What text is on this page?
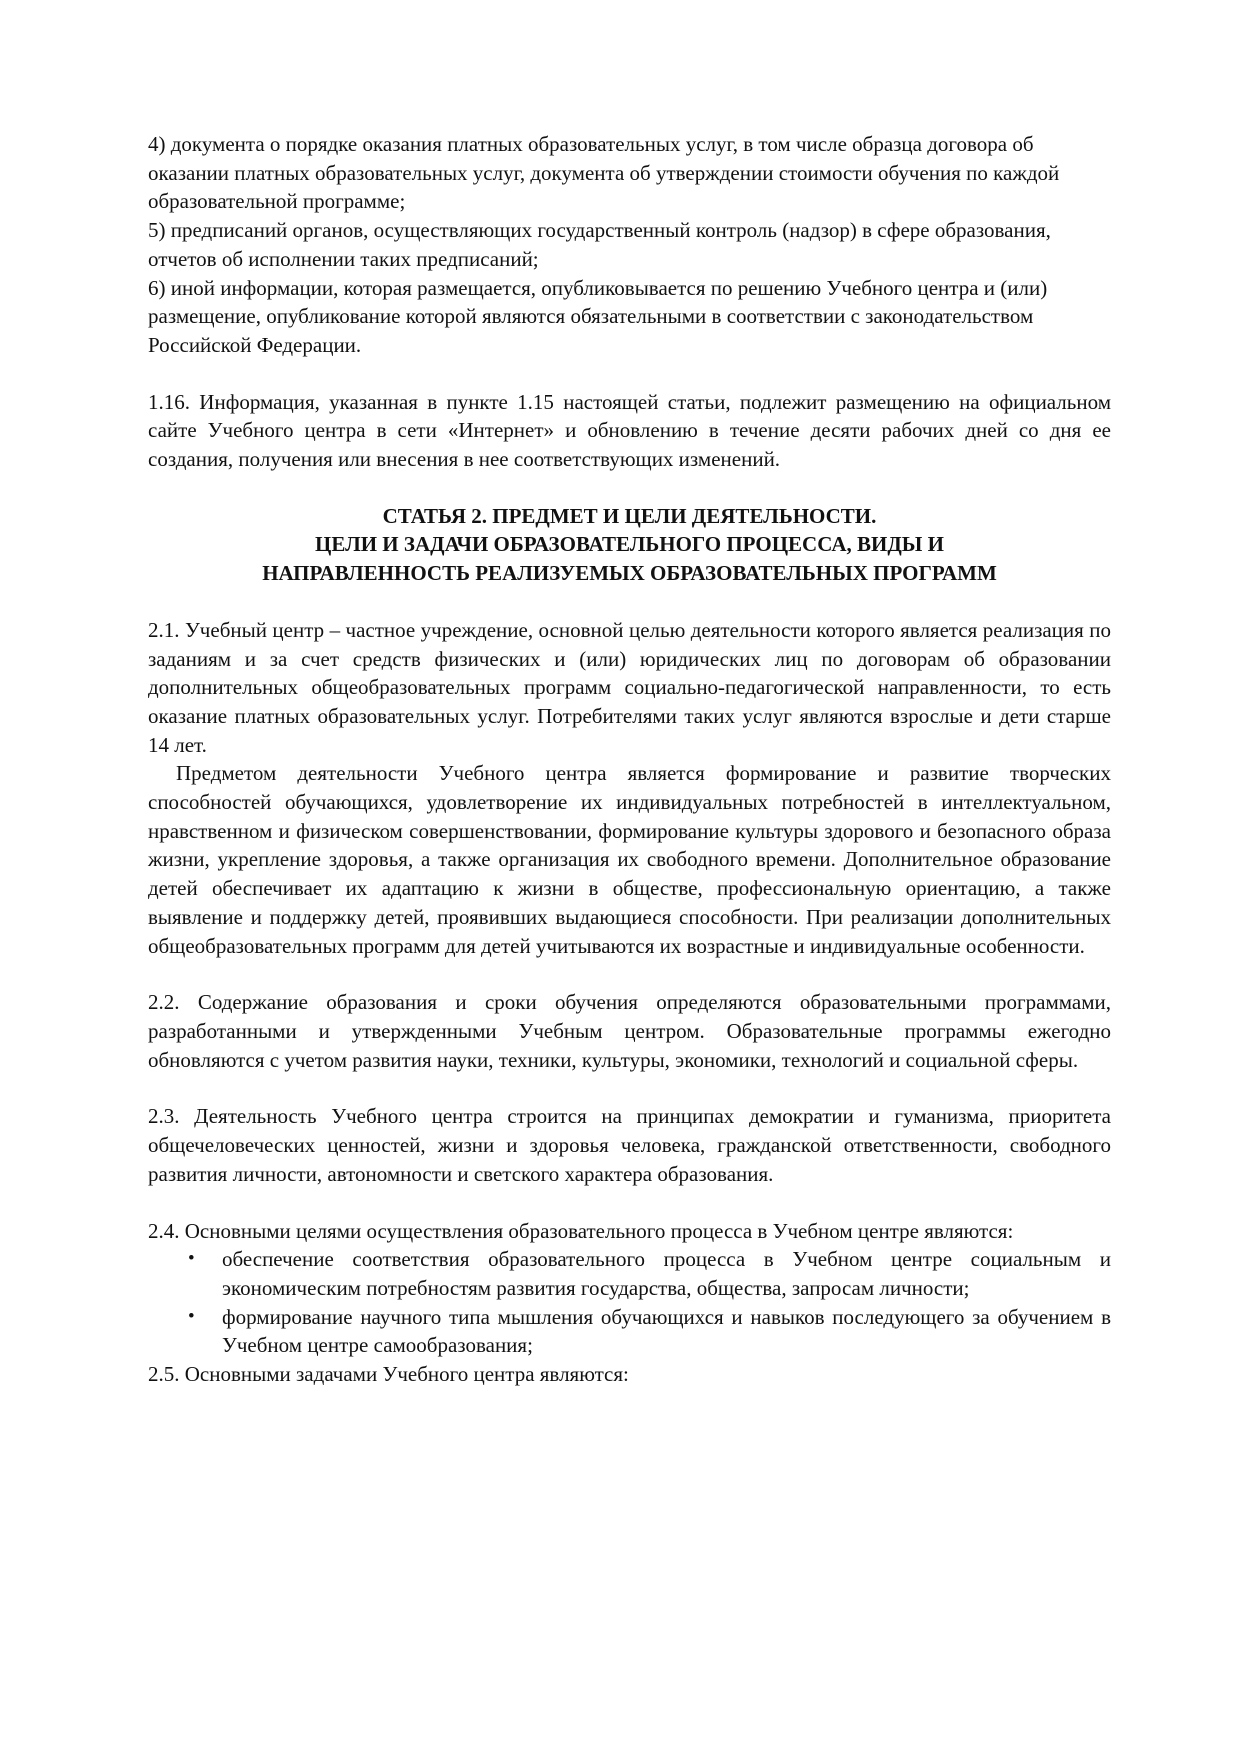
4) документа о порядке оказания платных образовательных услуг, в том числе образца договора об оказании платных образовательных услуг, документа об утверждении стоимости обучения по каждой образовательной программе;

5) предписаний органов, осуществляющих государственный контроль (надзор) в сфере образования, отчетов об исполнении таких предписаний;

6) иной информации, которая размещается, опубликовывается по решению Учебного центра и (или) размещение, опубликование которой являются обязательными в соответствии с законодательством Российской Федерации.

1.16. Информация, указанная в пункте 1.15 настоящей статьи, подлежит размещению на официальном сайте Учебного центра в сети «Интернет» и обновлению в течение десяти рабочих дней со дня ее создания, получения или внесения в нее соответствующих изменений.

СТАТЬЯ 2. ПРЕДМЕТ И ЦЕЛИ ДЕЯТЕЛЬНОСТИ.

ЦЕЛИ И ЗАДАЧИ ОБРАЗОВАТЕЛЬНОГО ПРОЦЕССА, ВИДЫ И

НАПРАВЛЕННОСТЬ РЕАЛИЗУЕМЫХ ОБРАЗОВАТЕЛЬНЫХ ПРОГРАММ

2.1. Учебный центр – частное учреждение, основной целью деятельности которого является реализация по заданиям и за счет средств физических и (или) юридических лиц по договорам об образовании дополнительных общеобразовательных программ социально-педагогической направленности, то есть оказание платных образовательных услуг. Потребителями таких услуг являются взрослые и дети старше 14 лет.

Предметом деятельности Учебного центра является формирование и развитие творческих способностей обучающихся, удовлетворение их индивидуальных потребностей в интеллектуальном, нравственном и физическом совершенствовании, формирование культуры здорового и безопасного образа жизни, укрепление здоровья, а также организация их свободного времени. Дополнительное образование детей обеспечивает их адаптацию к жизни в обществе, профессиональную ориентацию, а также выявление и поддержку детей, проявивших выдающиеся способности. При реализации дополнительных общеобразовательных программ для детей учитываются их возрастные и индивидуальные особенности.

2.2. Содержание образования и сроки обучения определяются образовательными программами, разработанными и утвержденными Учебным центром. Образовательные программы ежегодно обновляются с учетом развития науки, техники, культуры, экономики, технологий и социальной сферы.

2.3. Деятельность Учебного центра строится на принципах демократии и гуманизма, приоритета общечеловеческих ценностей, жизни и здоровья человека, гражданской ответственности, свободного развития личности, автономности и светского характера образования.

2.4. Основными целями осуществления образовательного процесса в Учебном центре являются:

• обеспечение соответствия образовательного процесса в Учебном центре социальным и экономическим потребностям развития государства, общества, запросам личности;
• формирование научного типа мышления обучающихся и навыков последующего за обучением в Учебном центре самообразования;

2.5. Основными задачами Учебного центра являются:
